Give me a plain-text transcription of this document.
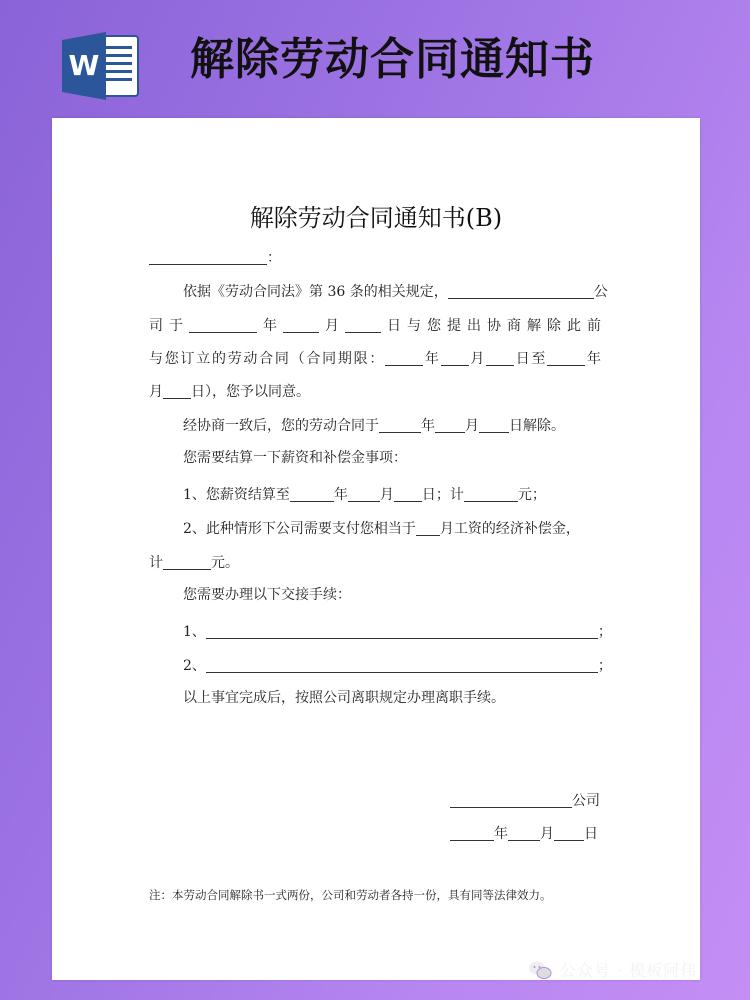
W 解除劳动合同通知书
解除劳动合同通知书(B)
：
依据《劳动合同法》第 36 条的相关规定，	公
司于	年	月	日与您提出协商解除此前
与您订立的劳动合同（合同期限：	年 月 日至	年
月 日），您予以同意。
经协商一致后，您的劳动合同于	年 月 日解除。
您需要结算一下薪资和补偿金事项：
1、您薪资结算至	年 月 日；计	元；
2、此种情形下公司需要支付您相当于 月工资的经济补偿金，
计	元。
您需要办理以下交接手续：
1、	；
2、	；
以上事宜完成后，按照公司离职规定办理离职手续。
公司
年 月 日
注：本劳动合同解除书一式两份，公司和劳动者各持一份，具有同等法律效力。
公众号 · 模板阿伟
